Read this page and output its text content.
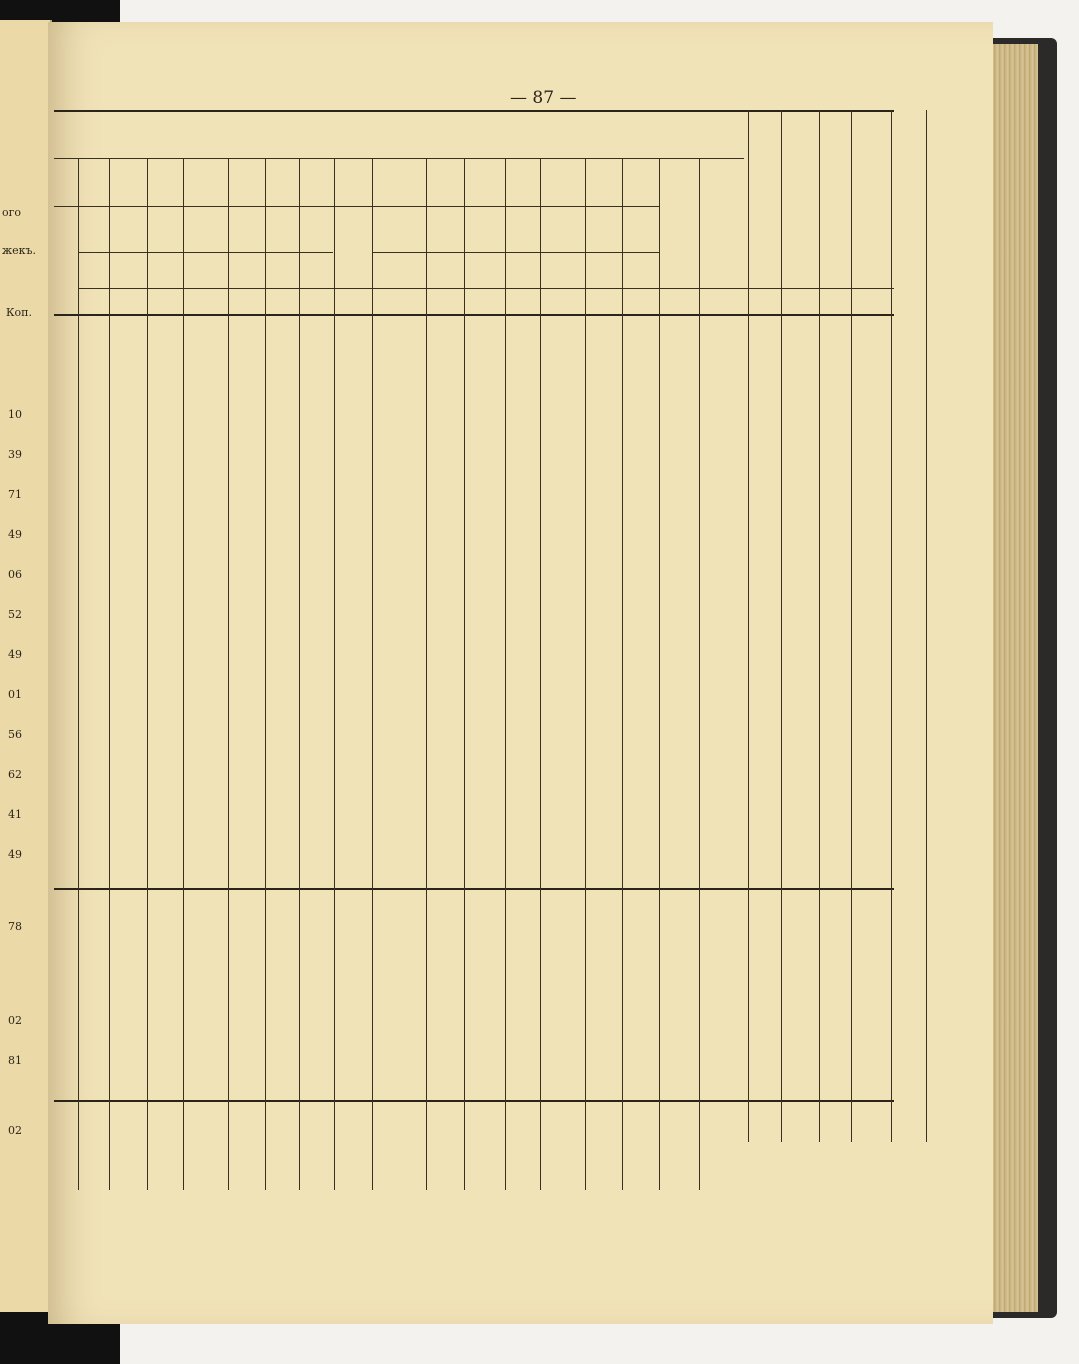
ого
жекъ.
Коп.
10
39
71
49
06
52
49
01
56
62
41
49
78
02
81
02
— 87 —
